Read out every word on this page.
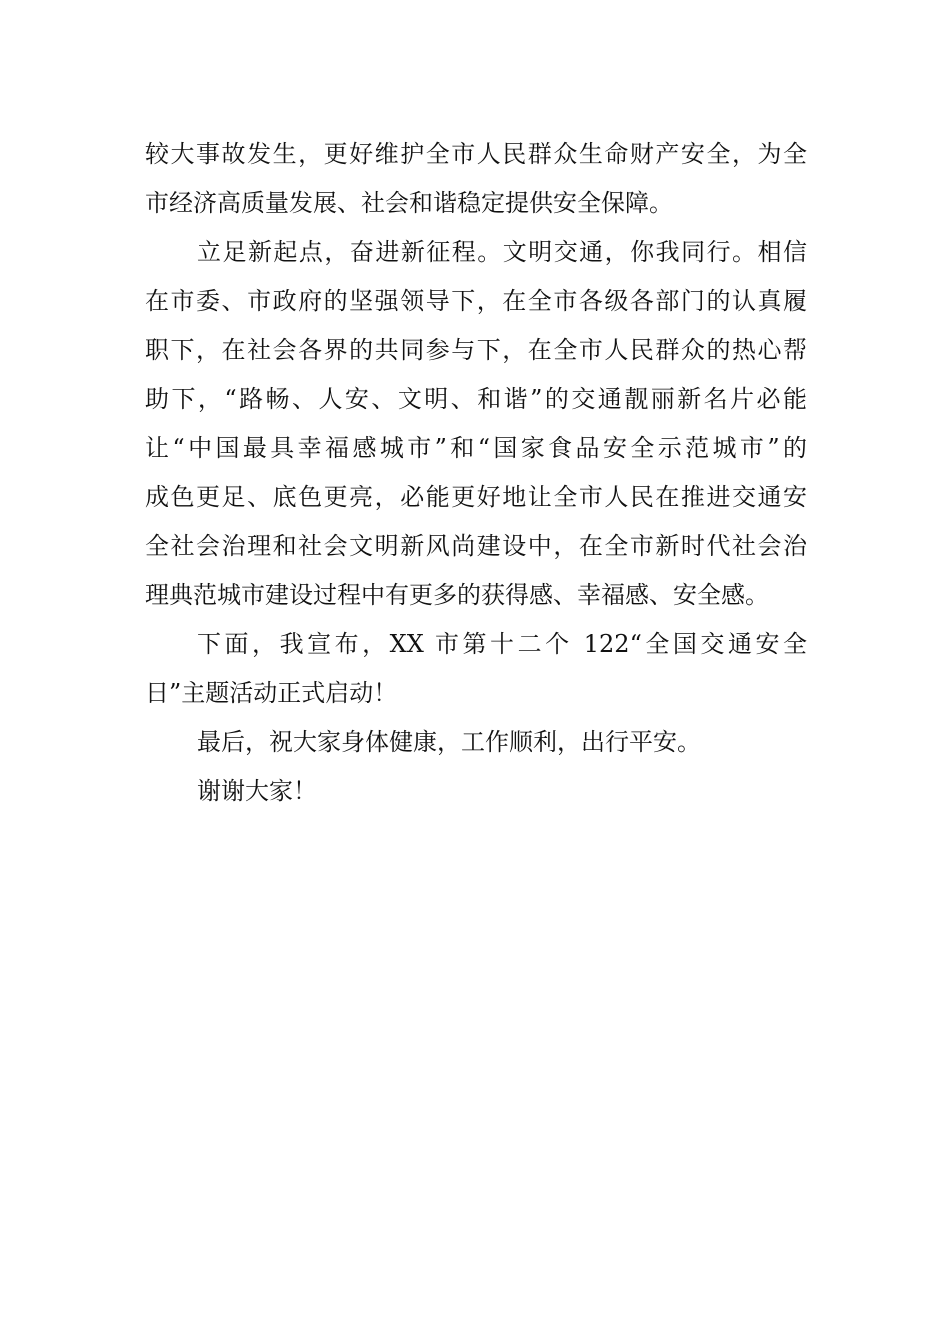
较大事故发生，更好维护全市人民群众生命财产安全，为全
市经济高质量发展、社会和谐稳定提供安全保障。
立足新起点，奋进新征程。文明交通，你我同行。相信
在市委、市政府的坚强领导下，在全市各级各部门的认真履
职下，在社会各界的共同参与下，在全市人民群众的热心帮
助下，“路畅、人安、文明、和谐”的交通靓丽新名片必能
让“中国最具幸福感城市”和“国家食品安全示范城市”的
成色更足、底色更亮，必能更好地让全市人民在推进交通安
全社会治理和社会文明新风尚建设中，在全市新时代社会治
理典范城市建设过程中有更多的获得感、幸福感、安全感。
下面，我宣布，XX 市第十二个 122“全国交通安全
日”主题活动正式启动！
最后，祝大家身体健康，工作顺利，出行平安。
谢谢大家！
